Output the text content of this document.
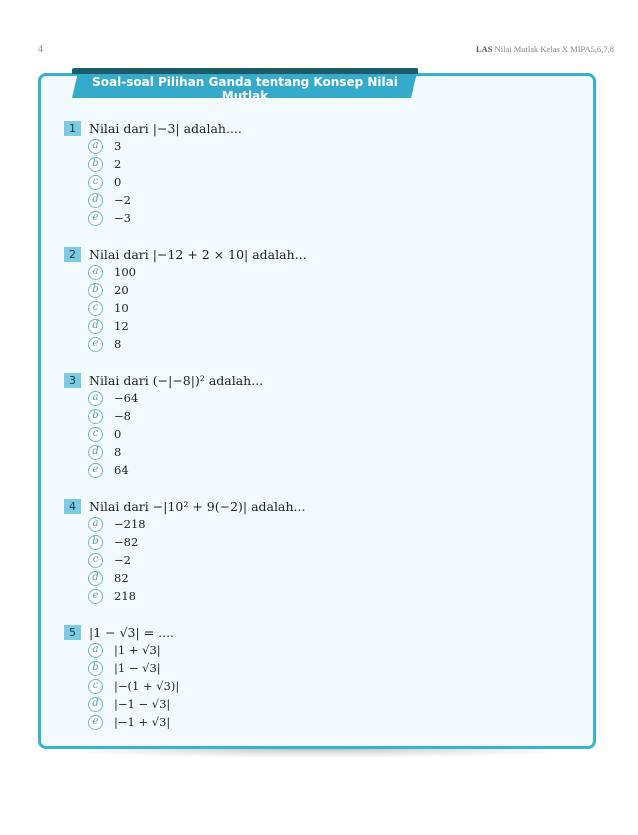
4	LAS Nilai Mutlak Kelas X MIPA5,6,7,8
Soal-soal Pilihan Ganda tentang Konsep Nilai Mutlak
1	Nilai dari |−3| adalah....
a	3
b	2
c	0
d	−2
e	−3
2	Nilai dari |−12 + 2 × 10| adalah...
a	100
b	20
c	10
d	12
e	8
3	Nilai dari (−|−8|)² adalah...
a	−64
b	−8
c	0
d	8
e	64
4	Nilai dari −|10² + 9(−2)| adalah...
a	−218
b	−82
c	−2
d	82
e	218
5	|1 − √3| = ....
a	|1 + √3|
b	|1 − √3|
c	|−(1 + √3)|
d	|−1 − √3|
e	|−1 + √3|
